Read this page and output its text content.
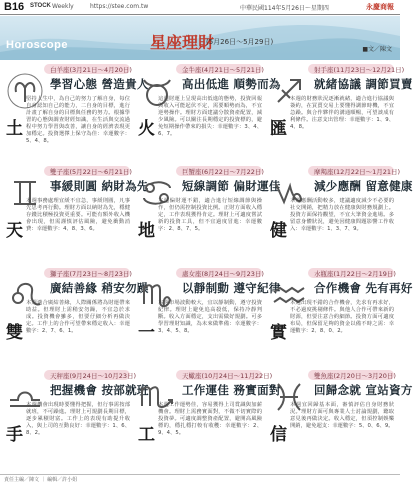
B16 STOCK Weekly	https://stee.com.tw	中華民國114年5月26日～星期四	永慶商報
Horoscope	星座理財
(5月26日～5月29日)
■文／陳文
白羊座(3月21日～4月20日)
學習心態 營造貴人
土
堅持人生中，為自己的努力了解自身，每位自身認知自己的能力，二自身的目標，進行計畫了解自身的目標與任務的努力。根據學習的心態與調查財經知識，在生活與交流過程中努力學習與改善，讓自身的經濟表現更加穩定。投資選擇上保守為佳：幸運數字：5、4、8。
金牛座(4月21日～5月21日)
高出低進 順勢而為
火
這週財運上呈現高出低進的態勢，投資回報與收入可能起伏不定，需要順勢而為，不宜逆勢操作。理財方面建議分散資產配置，減少風險。可以關注長期穩定的投資標的，避免短期操作帶來的損失：幸運數字：3、4、6、7。
射手座(11月23日～12月21日)
就緒協議 調節買賣
匯
本週的財務狀況逐漸就緒，適合進行協議與簽約，在買賣交易上要懂得調節時機，不宜急躁。與合作夥伴的溝通順暢，可望談成有利條件。注意支出管理：幸運數字：1、9、4、8。
雙子座(5月22日～6月21日)
事緩則圓 納財為先
天
本週事務處理宜緩不宜急，事緩則圓，凡事先思考再行動。理財方面以納財為先，穩健存錢比積極投資更重要。可能有額外收入機會出現，但需謹慎評估風險，避免衝動消費：幸運數字：4、8、3、6。
巨蟹座(6月22日～7月22日)
短線調節 偏財運佳
地
本週偏財運不錯，適合進行短線調節與操作，但仍需控制投資比例。正財方面收入穩定，工作表現獲得肯定。理財上可適度嘗試新的投資工具，但不宜過度冒進：幸運數字：2、8、7、5。
摩羯座(12月22日～1月21日)
減少應酬 留意健康
健
本週應酬活動較多，建議適度減少不必要的社交開銷，把精力放在健康與財務規劃上。投資方面保持觀望，不宜大筆資金進場。多留意身體狀況，避免因健康問題影響工作收入：幸運數字：1、3、7、9。
獅子座(7月23日～8月23日)
廣結善緣 稍安勿躁
雙
本週適合廣結善緣，人際關係將為財運帶來助益。但理財上需稍安勿躁，不宜急於求成。投資機會雖多，但要仔細分析再做決定。工作上的合作可望帶來穩定收入：幸運數字：2、7、6、1。
處女座(8月24日～9月23日)
以靜制動 遵守紀律
一
本週市場波動較大，宜以靜制動，遵守投資紀律。理財上避免追高殺低，保持冷靜判斷。收入方面穩定，支出需做好規劃。可多學習理財知識，為未來做準備：幸運數字：3、4、5、8。
水瓶座(1月22日～2月19日)
合作機會 先有再好
實
本週出現不錯的合作機會，先求有再求好，不必過度挑剔條件。與他人合作可帶來新的財源，但要注意合約細節。投資方面可適度布局，但保留足夠的資金以備不時之需：幸運數字：2、8、0、2。
天秤座(9月24日～10月23日)
把握機會 按部就班
手
本週機會出現時要懂得把握，但行事需按部就班，不可躁進。理財上可規劃長期目標，逐步累積財富。工作上的表現有助提升收入，與上司的互動良好：幸運數字：1、6、8、2。
天蠍座(10月24日～11月22日)
工作運佳 務實面對
工
本週工作運勢佳，容易獲得上司賞識與加薪機會。理財上需務實面對，不做不切實際的投資夢。可適度調整資產配置，避開高風險標的，穩扎穩打較有收穫：幸運數字：2、9、4、5。
雙魚座(2月20日～3月20日)
回歸念就 宣站資方
信
本週宜回歸基本面，審慎評估自身財務狀況。理財方面可與專業人士討論規劃，聽取意見後再做決定。收入穩定，但須控制娛樂開銷，避免超支：幸運數字：5、0、6、9。
責任主編／陳文 ｜ 編輯／許小姐
